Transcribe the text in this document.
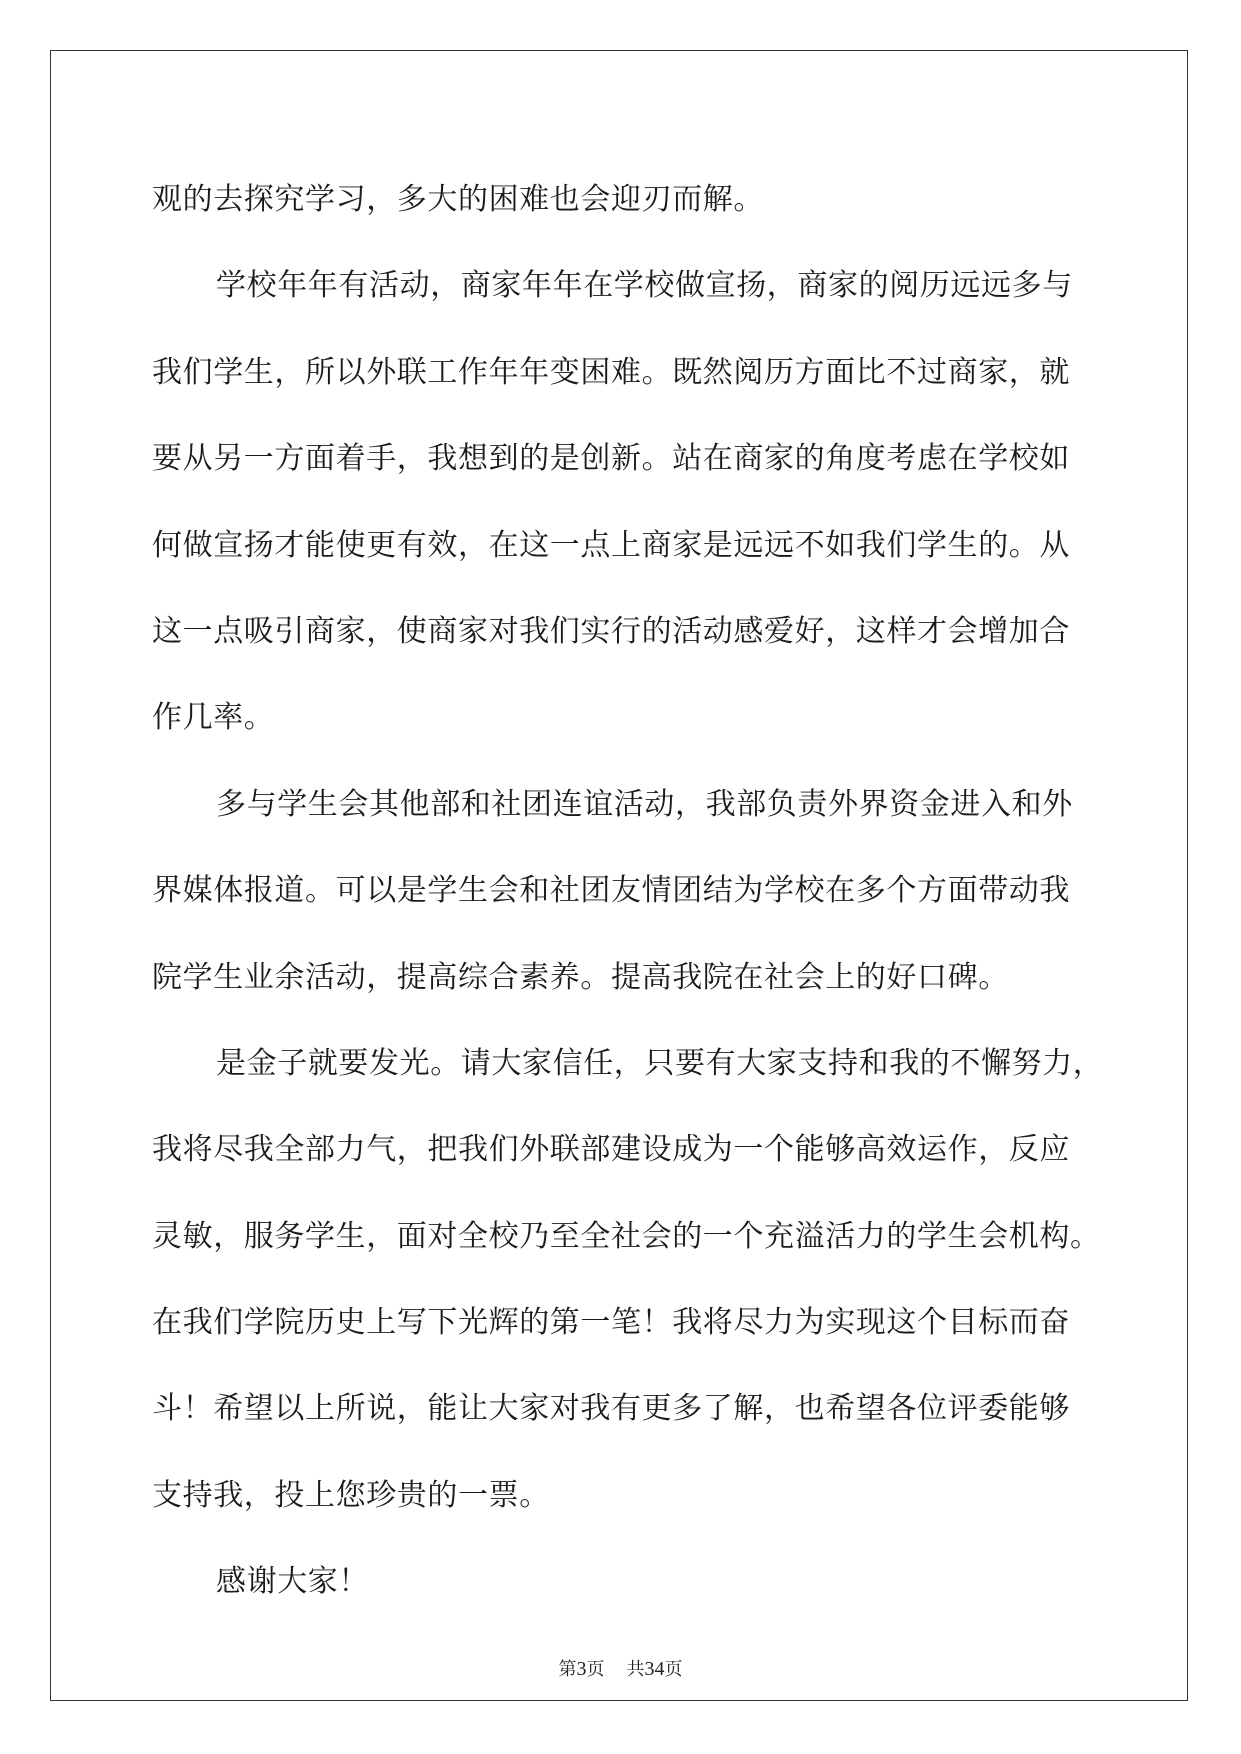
观的去探究学习，多大的困难也会迎刃而解。

学校年年有活动，商家年年在学校做宣扬，商家的阅历远远多与
我们学生，所以外联工作年年变困难。既然阅历方面比不过商家，就
要从另一方面着手，我想到的是创新。站在商家的角度考虑在学校如
何做宣扬才能使更有效，在这一点上商家是远远不如我们学生的。从
这一点吸引商家，使商家对我们实行的活动感爱好，这样才会增加合
作几率。

多与学生会其他部和社团连谊活动，我部负责外界资金进入和外
界媒体报道。可以是学生会和社团友情团结为学校在多个方面带动我
院学生业余活动，提高综合素养。提高我院在社会上的好口碑。

是金子就要发光。请大家信任，只要有大家支持和我的不懈努力，
我将尽我全部力气，把我们外联部建设成为一个能够高效运作，反应
灵敏，服务学生，面对全校乃至全社会的一个充溢活力的学生会机构。
在我们学院历史上写下光辉的第一笔！我将尽力为实现这个目标而奋
斗！希望以上所说，能让大家对我有更多了解，也希望各位评委能够
支持我，投上您珍贵的一票。

感谢大家！

第3页 共34页
